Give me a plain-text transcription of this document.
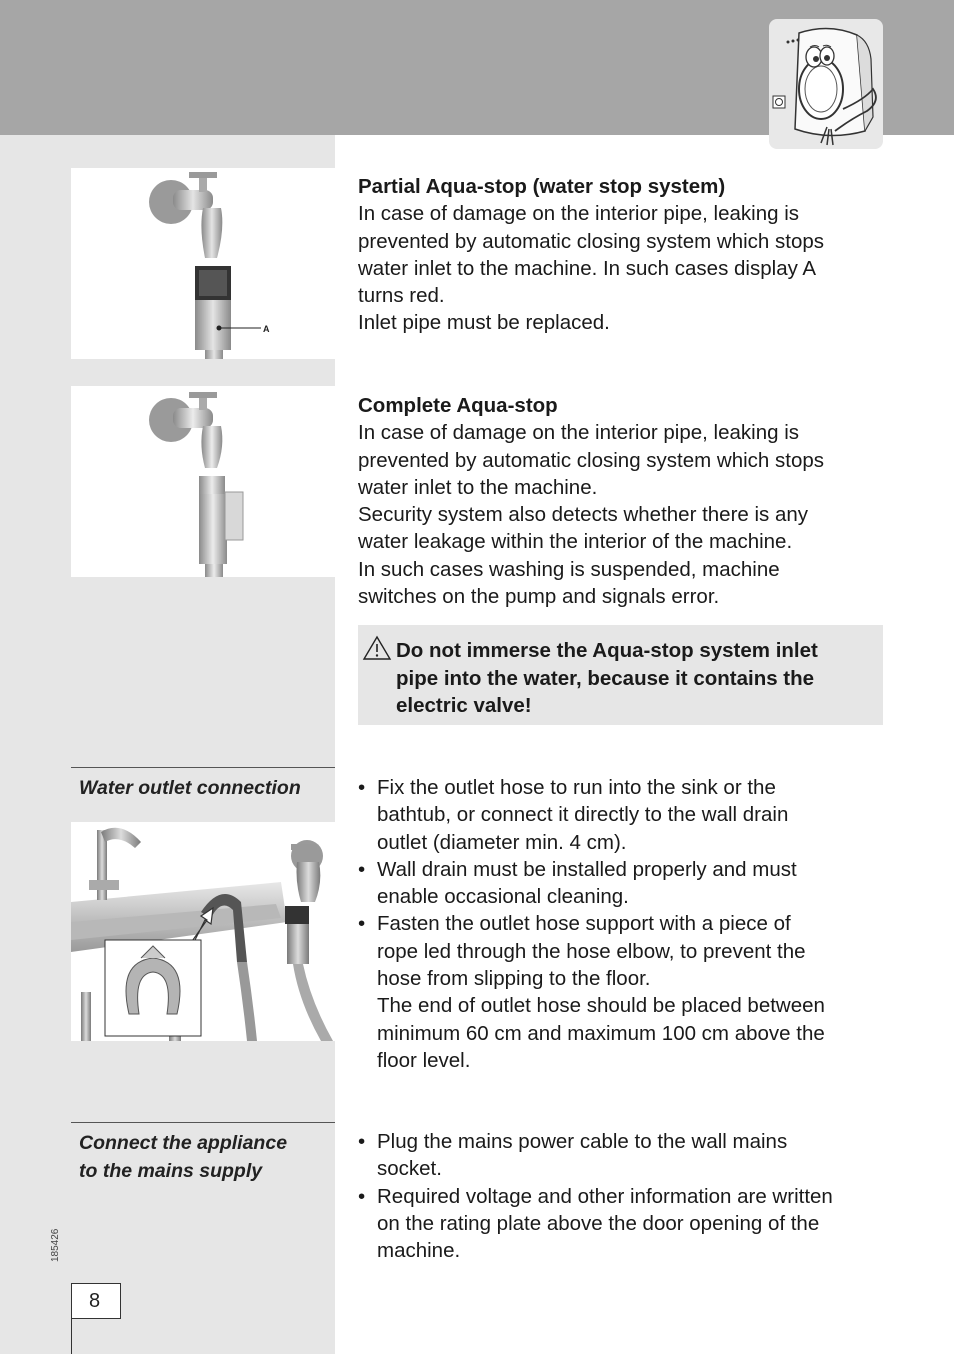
A

Partial Aqua-stop (water stop system)

In case of damage on the interior pipe, leaking is

prevented by automatic closing system which stops

water inlet to the machine. In such cases display A

turns red.

Inlet pipe must be replaced.

Complete Aqua-stop

In case of damage on the interior pipe, leaking is

prevented by automatic closing system which stops

water inlet to the machine.

Security system also detects whether there is any

water leakage within the interior of the machine.

In such cases washing is suspended, machine

switches on the pump and signals error.

Do not immerse the Aqua-stop system inlet
pipe into the water, because it contains the
electric valve!
Water outlet connection	• Fix the outlet hose to run into the sink or the
bathtub, or connect it directly to the wall drain
outlet (diameter min. 4 cm).
• Wall drain must be installed properly and must
enable occasional cleaning.
• Fasten the outlet hose support with a piece of
rope led through the hose elbow, to prevent the
hose from slipping to the floor.
The end of outlet hose should be placed between
minimum 60 cm and maximum 100 cm above the
floor level.
Connect the appliance
to the mains supply
• Plug the mains power cable to the wall mains
socket.
• Required voltage and other information are written
on the rating plate above the door opening of the
machine.
185426
8
